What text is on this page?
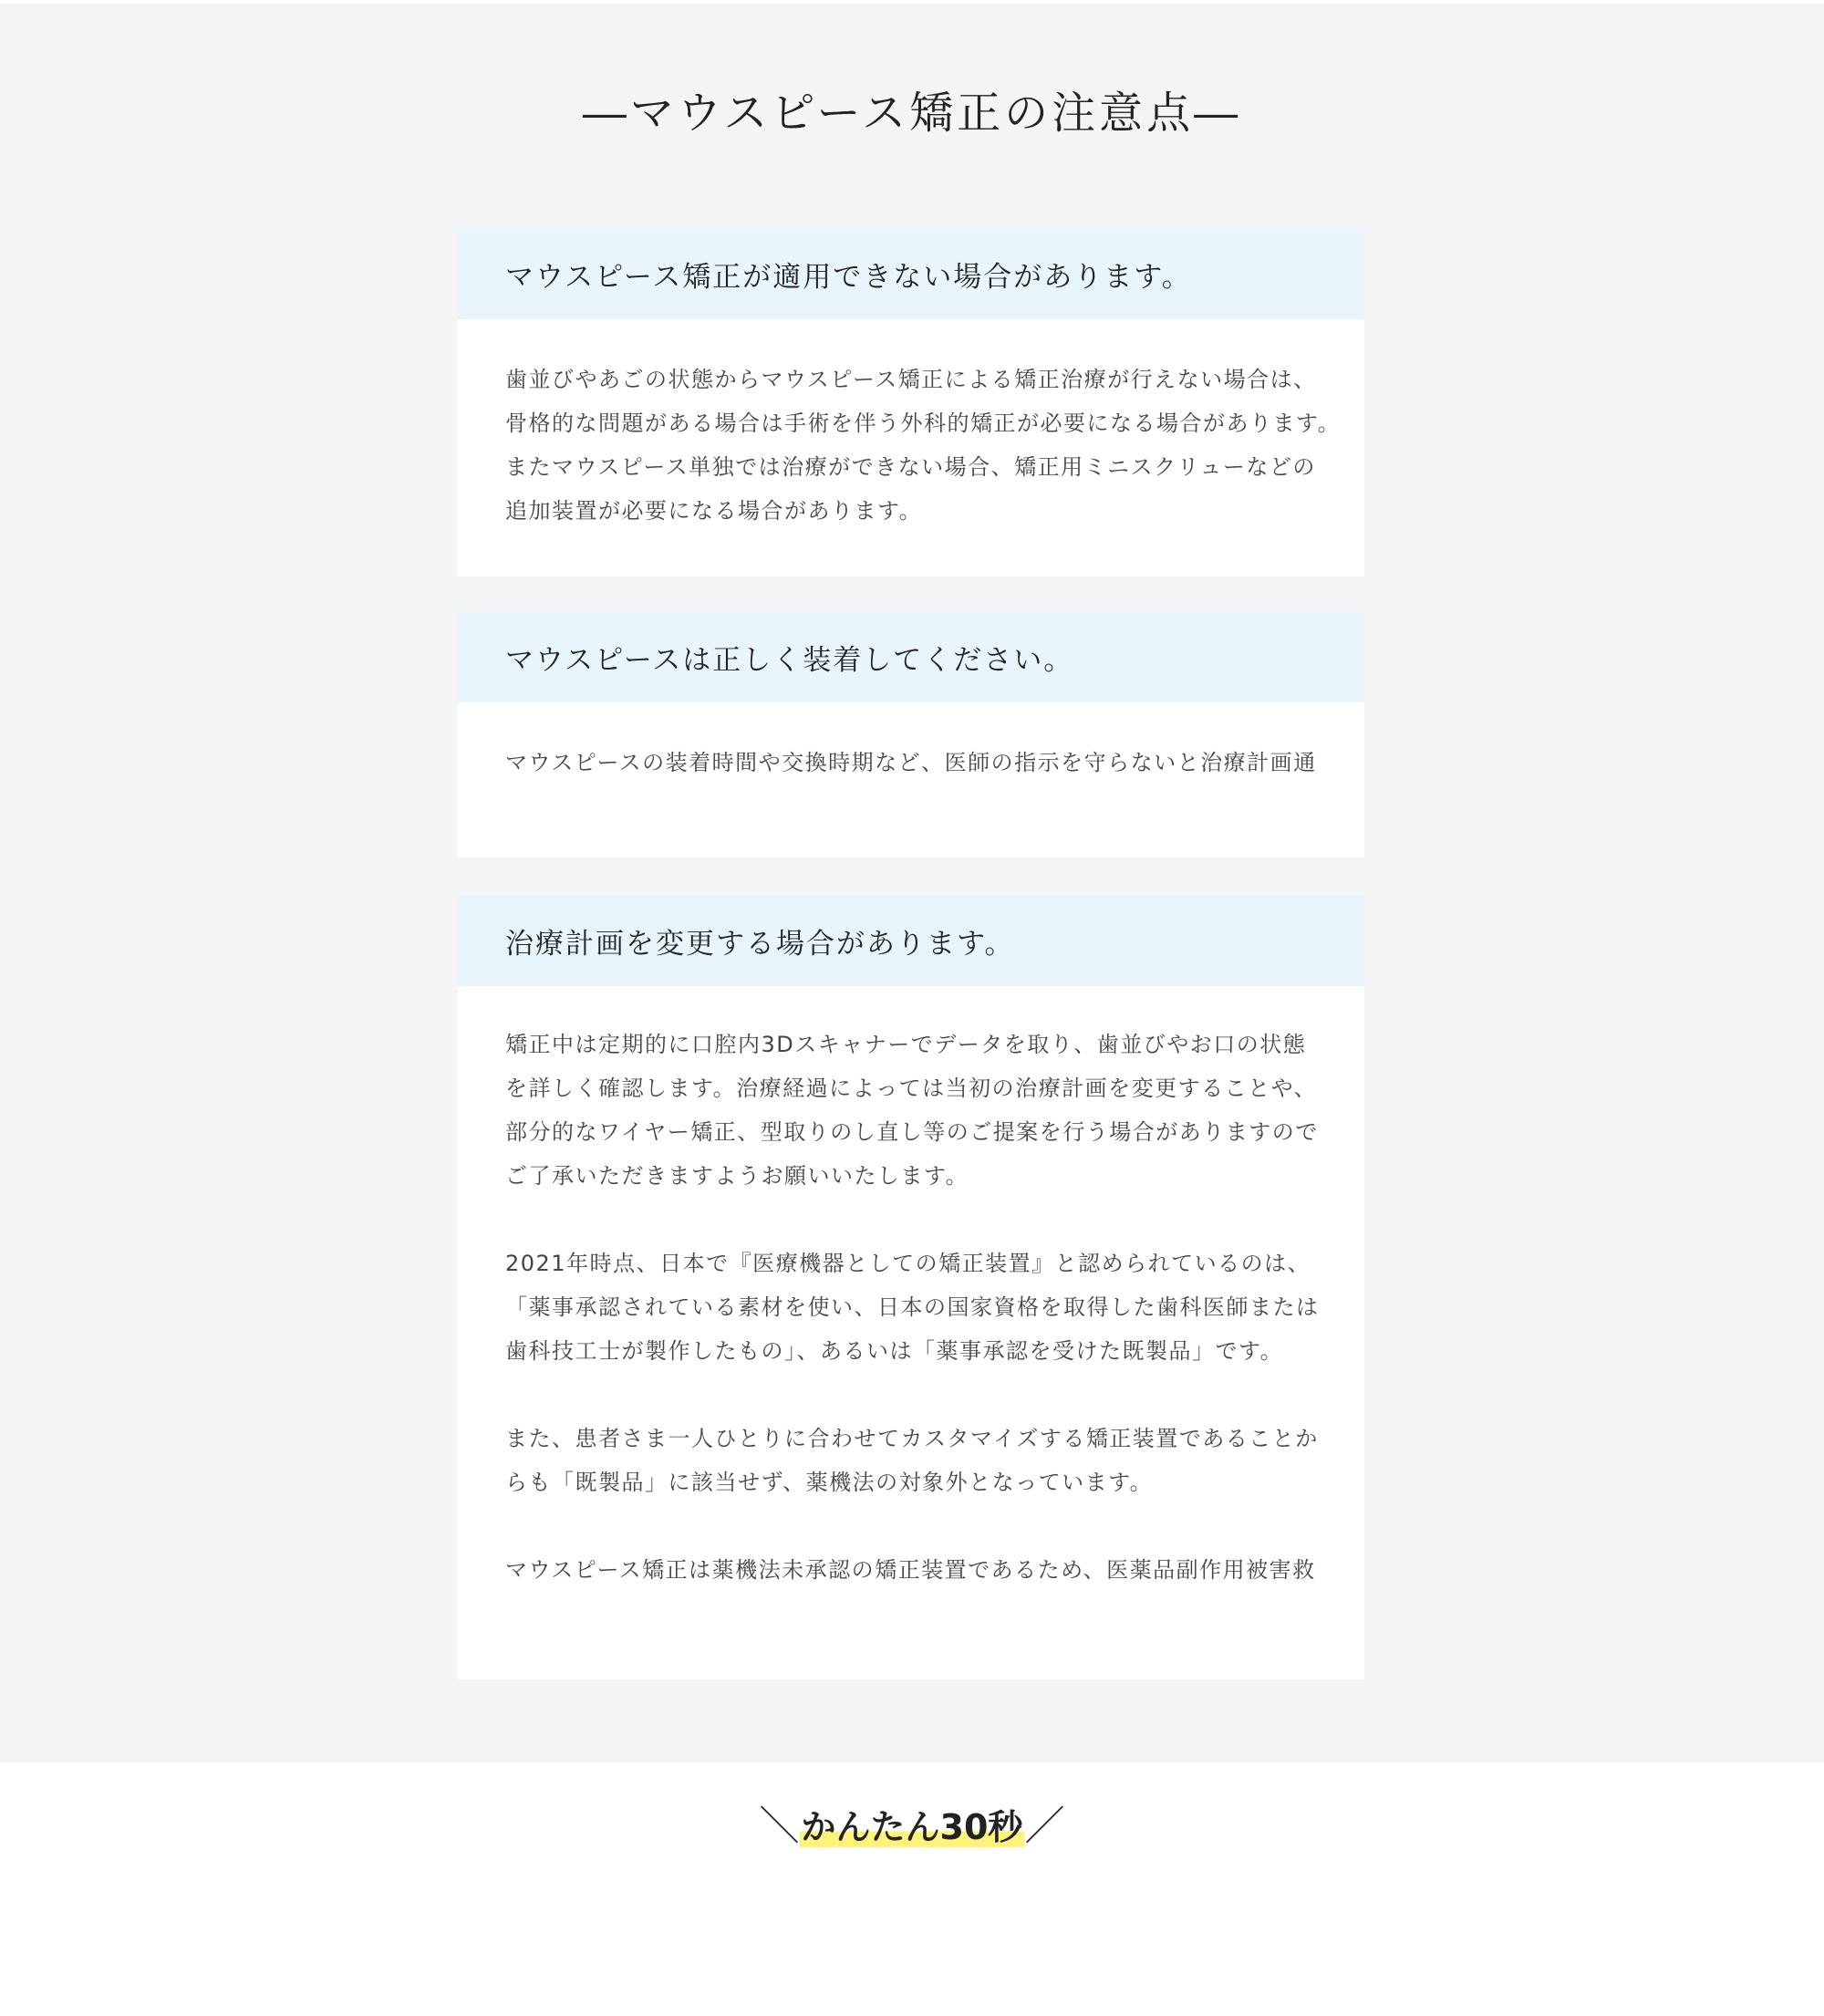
―マウスピース矯正の注意点―
マウスピース矯正が適用できない場合があります。

歯並びやあごの状態からマウスピース矯正による矯正治療が行えない場合は、

骨格的な問題がある場合は手術を伴う外科的矯正が必要になる場合があります。

またマウスピース単独では治療ができない場合、矯正用ミニスクリューなどの

追加装置が必要になる場合があります。

マウスピースは正しく装着してください。

マウスピースの装着時間や交換時期など、医師の指示を守らないと治療計画通

治療計画を変更する場合があります。

矯正中は定期的に口腔内3Dスキャナーでデータを取り、歯並びやお口の状態

を詳しく確認します。治療経過によっては当初の治療計画を変更することや、

部分的なワイヤー矯正、型取りのし直し等のご提案を行う場合がありますので

ご了承いただきますようお願いいたします。

2021年時点、日本で『医療機器としての矯正装置』と認められているのは、

「薬事承認されている素材を使い、日本の国家資格を取得した歯科医師または

歯科技工士が製作したもの」、あるいは「薬事承認を受けた既製品」です。

また、患者さま一人ひとりに合わせてカスタマイズする矯正装置であることか

らも「既製品」に該当せず、薬機法の対象外となっています。

マウスピース矯正は薬機法未承認の矯正装置であるため、医薬品副作用被害救

＼かんたん30秒／
